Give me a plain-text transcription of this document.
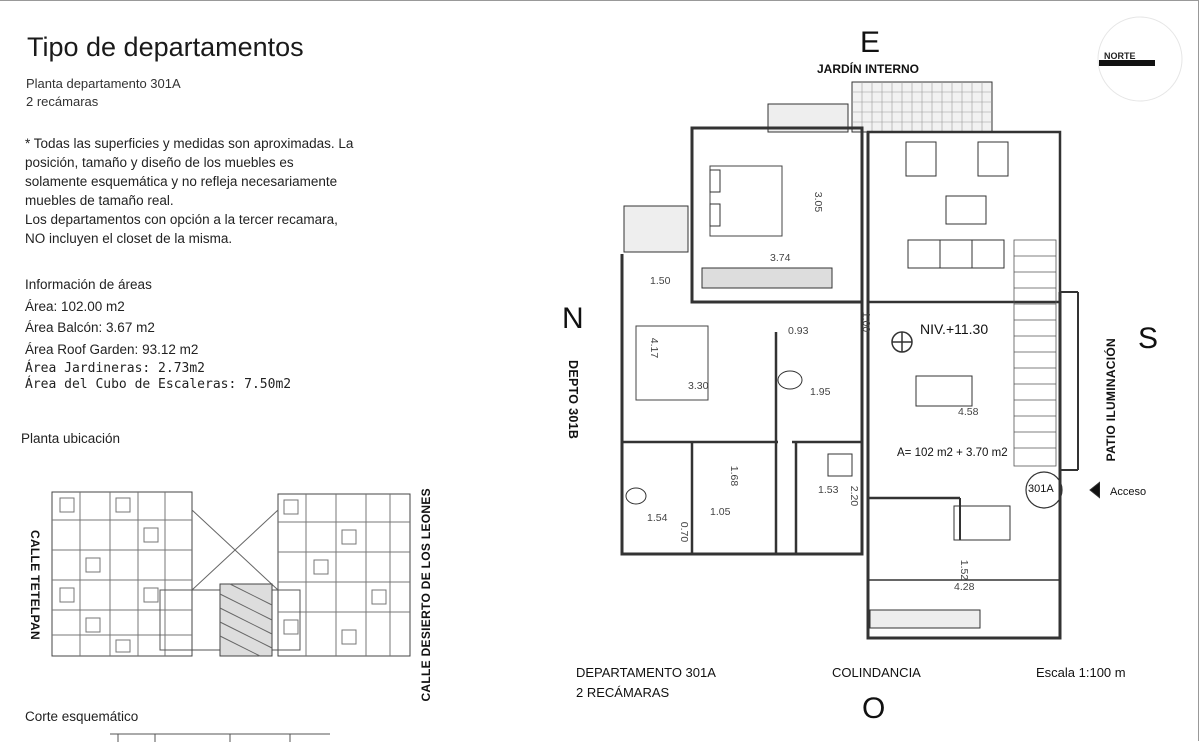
Tipo de departamentos
Planta departamento 301A
2 recámaras
* Todas las superficies y medidas son aproximadas. La
posición, tamaño y diseño de los muebles es
solamente esquemática y no refleja necesariamente
muebles de tamaño real.
Los departamentos con opción a la tercer recamara,
NO incluyen el closet de la misma.
Información de áreas
Área: 102.00 m2
Área Balcón: 3.67 m2
Área Roof Garden: 93.12 m2
Área Jardineras: 2.73m2
Área del Cubo de Escaleras: 7.50m2
Planta ubicación
Corte esquemático
CALLE TETELPAN	CALLE DESIERTO DE LOS LEONES
E
N
S
O
NORTE
JARDÍN INTERNO
DEPTO 301B	PATIO ILUMINACIÓN
NIV.+11.30
A= 102 m2 + 3.70 m2
301A	Acceso
3.74
3.05
1.50
4.17
3.30
0.93	1.00
1.95
4.58
1.68
1.05
1.53 2.20
1.52
4.28
1.54
0.70
DEPARTAMENTO 301A
2 RECÁMARAS
COLINDANCIA	Escala 1:100 m
